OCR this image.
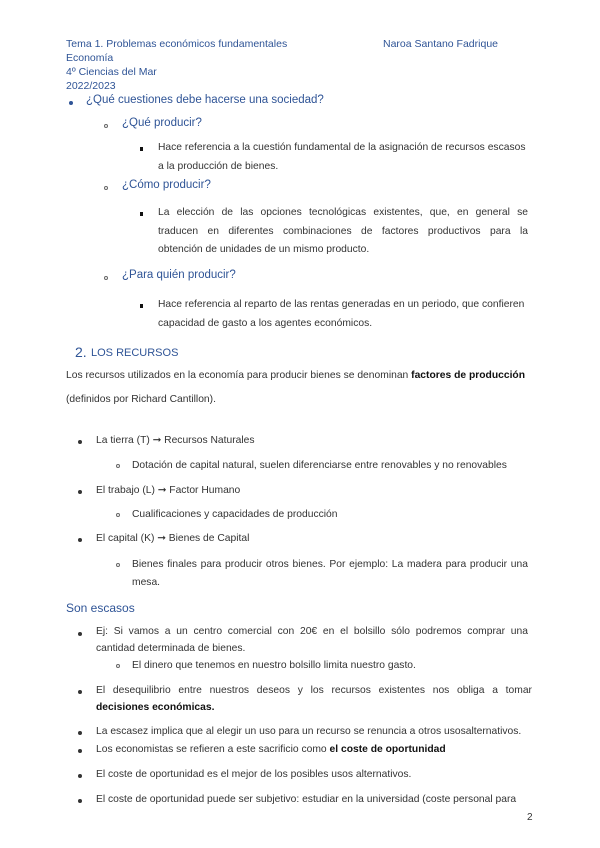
Tema 1. Problemas económicos fundamentales	Naroa Santano Fadrique
Economía
4º Ciencias del Mar
2022/2023
¿Qué cuestiones debe hacerse una sociedad?
¿Qué producir?
Hace referencia a la cuestión fundamental de la asignación de recursos escasos
a la producción de bienes.
¿Cómo producir?
La elección de las opciones tecnológicas existentes, que, en general se
traducen en diferentes combinaciones de factores productivos para la
obtención de unidades de un mismo producto.
¿Para quién producir?
Hace referencia al reparto de las rentas generadas en un periodo, que confieren
capacidad de gasto a los agentes económicos.
2. LOS RECURSOS
Los recursos utilizados en la economía para producir bienes se denominan factores de producción
(definidos por Richard Cantillon).
La tierra (T) ➞ Recursos Naturales
Dotación de capital natural, suelen diferenciarse entre renovables y no renovables
El trabajo (L) ➞ Factor Humano
Cualificaciones y capacidades de producción
El capital (K) ➞ Bienes de Capital
Bienes finales para producir otros bienes. Por ejemplo: La madera para producir una
mesa.
Son escasos
Ej: Si vamos a un centro comercial con 20€ en el bolsillo sólo podremos comprar una
cantidad determinada de bienes.
El dinero que tenemos en nuestro bolsillo limita nuestro gasto.
El desequilibrio entre nuestros deseos y los recursos existentes nos obliga a tomar
decisiones económicas.
La escasez implica que al elegir un uso para un recurso se renuncia a otros usosalternativos.
Los economistas se refieren a este sacrificio como el coste de oportunidad
El coste de oportunidad es el mejor de los posibles usos alternativos.
El coste de oportunidad puede ser subjetivo: estudiar en la universidad (coste personal para
2
